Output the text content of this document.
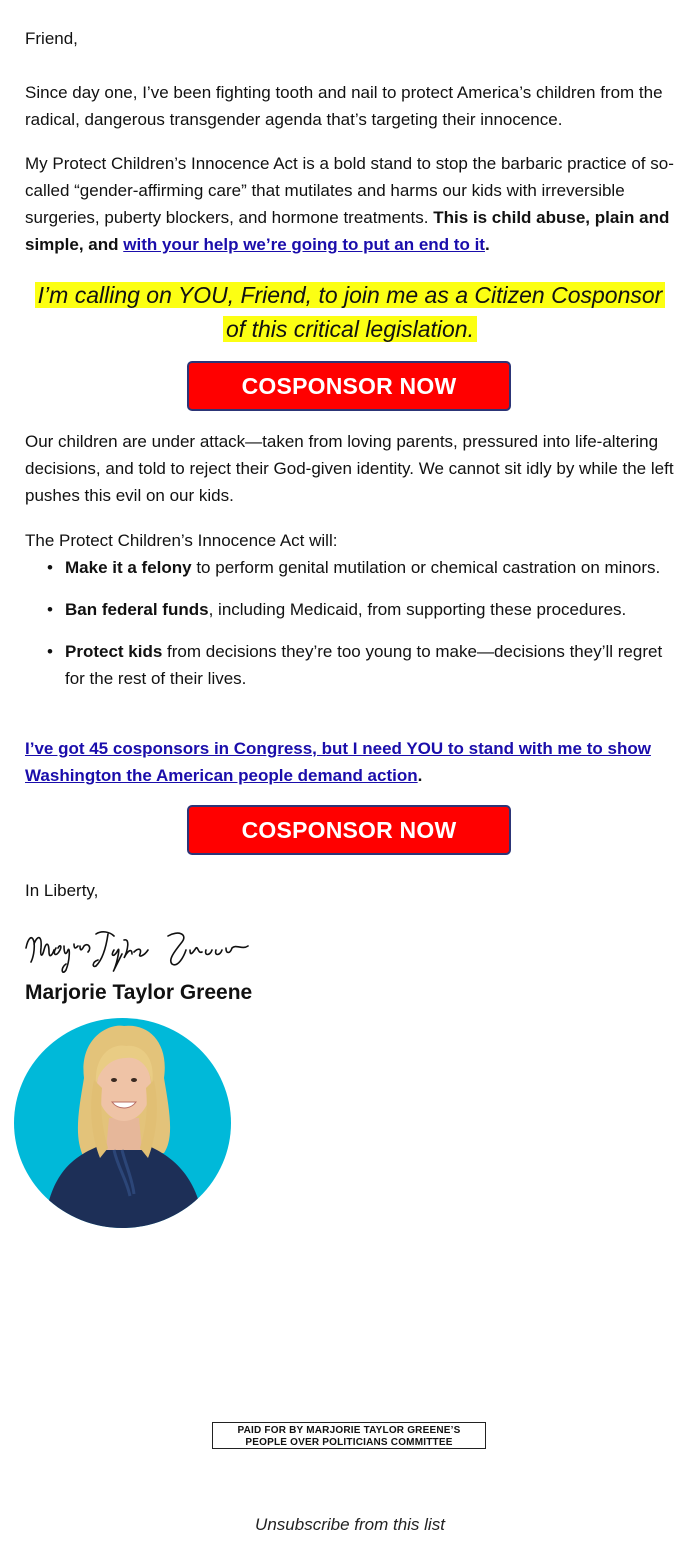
Friend,

Since day one, I’ve been fighting tooth and nail to protect America’s children from the radical, dangerous transgender agenda that’s targeting their innocence.

My Protect Children’s Innocence Act is a bold stand to stop the barbaric practice of so-called “gender-affirming care” that mutilates and harms our kids with irreversible surgeries, puberty blockers, and hormone treatments. This is child abuse, plain and simple, and with your help we’re going to put an end to it.

I’m calling on YOU, Friend, to join me as a Citizen Cosponsor of this critical legislation.
COSPONSOR NOW

Our children are under attack—taken from loving parents, pressured into life-altering decisions, and told to reject their God-given identity. We cannot sit idly by while the left pushes this evil on our kids.

The Protect Children’s Innocence Act will:

• Make it a felony to perform genital mutilation or chemical castration on minors.
• Ban federal funds, including Medicaid, from supporting these procedures.
• Protect kids from decisions they’re too young to make—decisions they’ll regret for the rest of their lives.

I’ve got 45 cosponsors in Congress, but I need YOU to stand with me to show Washington the American people demand action.

COSPONSOR NOW

In Liberty,

Marjorie Taylor Greene
Marjorie Taylor Greene
PAID FOR BY MARJORIE TAYLOR GREENE’S
PEOPLE OVER POLITICIANS COMMITTEE
Unsubscribe from this list
